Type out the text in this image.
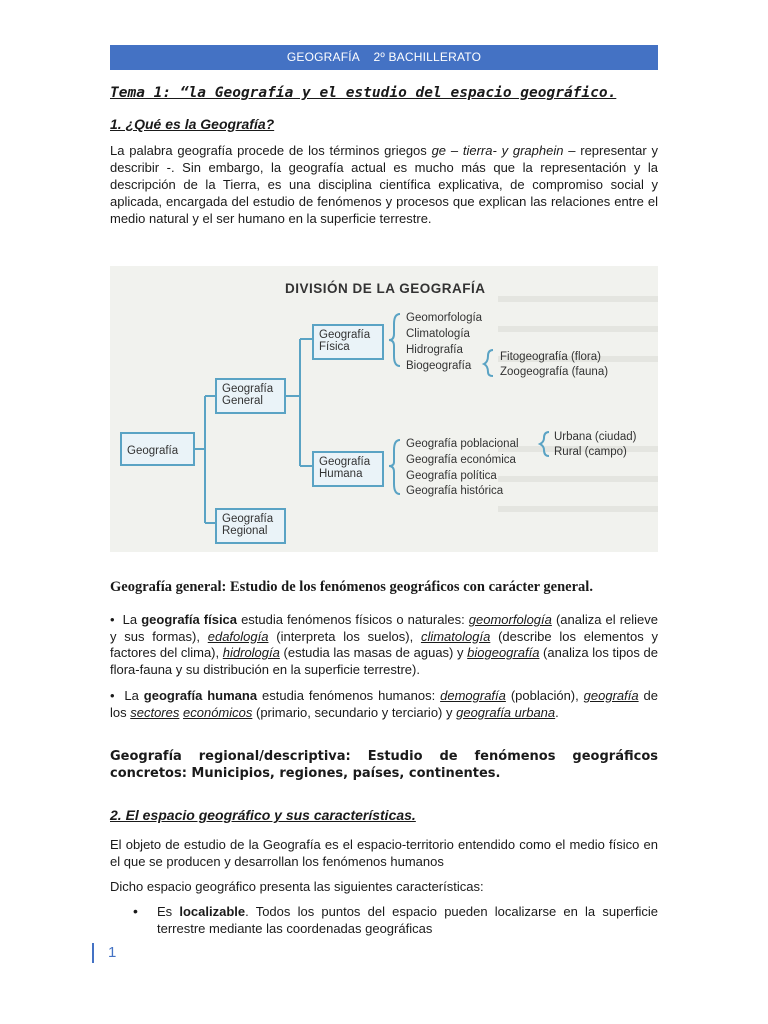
GEOGRAFÍA    2º BACHILLERATO
Tema 1: “la Geografía y el estudio del espacio geográfico.
1. ¿Qué es la Geografía?

La palabra geografía procede de los términos griegos ge – tierra- y graphein – representar y describir -. Sin embargo, la geografía actual es mucho más que la representación y la descripción de la Tierra, es una disciplina científica explicativa, de compromiso social y aplicada, encargada del estudio de fenómenos y procesos que explican las relaciones entre el medio natural y el ser humano en la superficie terrestre.

DIVISIÓN DE LA GEOGRAFÍA
Geografía
Geografía General
Geografía Regional
Geografía Física
Geografía Humana
Geomorfología
Climatología
Hidrografía
Biogeografía
Fitogeografía (flora)
Zoogeografía (fauna)
Geografía poblacional
Geografía económica
Geografía política
Geografía histórica
Urbana (ciudad)
Rural (campo)
Geografía general: Estudio de los fenómenos geográficos con carácter general.
•  La geografía física estudia fenómenos físicos o naturales: geomorfología (analiza el relieve y sus formas), edafología (interpreta los suelos), climatología (describe los elementos y factores del clima), hidrología (estudia las masas de aguas) y biogeografía (analiza los tipos de flora-fauna y su distribución en la superficie terrestre).
•  La geografía humana estudia fenómenos humanos: demografía (población), geografía de los sectores económicos (primario, secundario y terciario) y geografía urbana.
Geografía regional/descriptiva: Estudio de fenómenos geográficos concretos: Municipios, regiones, países, continentes.
2. El espacio geográfico y sus características.

El objeto de estudio de la Geografía es el espacio-territorio entendido como el medio físico en el que se producen y desarrollan los fenómenos humanos

Dicho espacio geográfico presenta las siguientes características:

• Es localizable. Todos los puntos del espacio pueden localizarse en la superficie terrestre mediante las coordenadas geográficas
1
